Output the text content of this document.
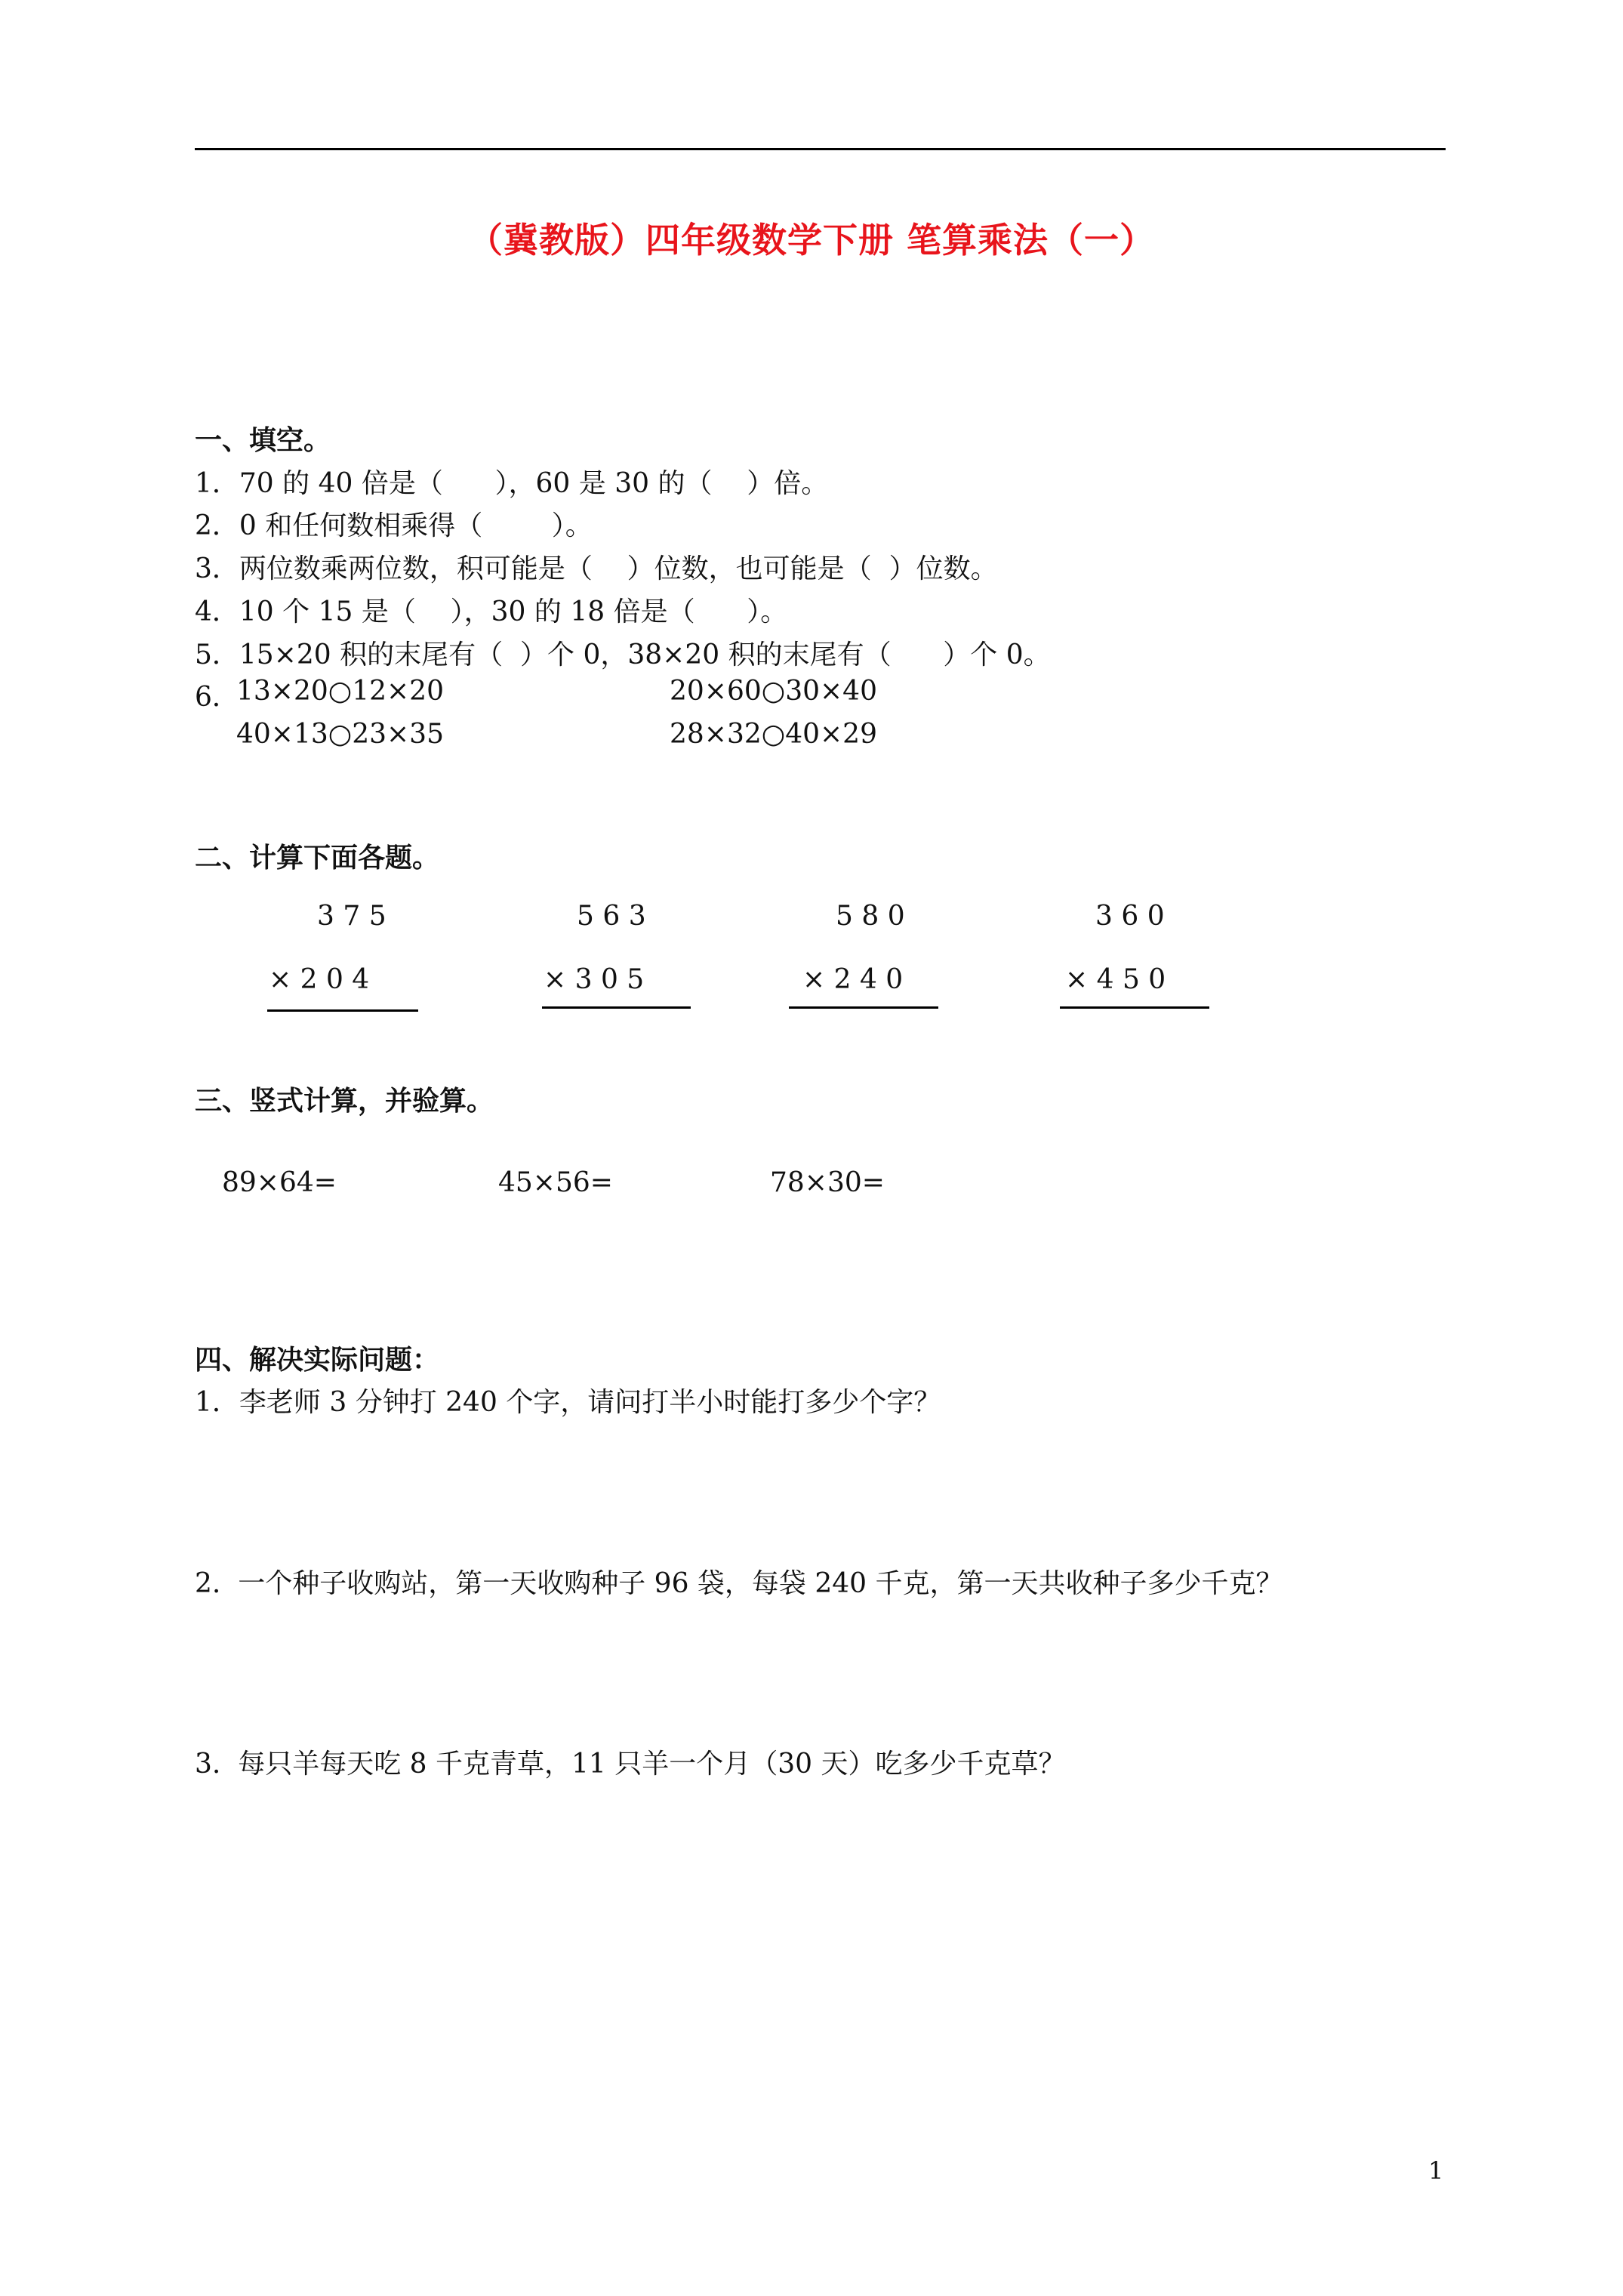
（冀教版）四年级数学下册 笔算乘法（一）
一、填空。
1．70 的 40 倍是（      ），60 是 30 的（    ）倍。
2．0 和任何数相乘得（        ）。
3．两位数乘两位数，积可能是（    ）位数，也可能是（  ）位数。
4．10 个 15 是（    ），30 的 18 倍是（      ）。
5．15×20 积的末尾有（  ）个 0，38×20 积的末尾有（      ）个 0。
6．
13×20○12×20	20×60○30×40
40×13○23×35	28×32○40×29
二、计算下面各题。
3 7 5
× 2 0 4
5 6 3
× 3 0 5
5 8 0
× 2 4 0
3 6 0
× 4 5 0
三、竖式计算，并验算。
89×64=	45×56=	78×30=
四、解决实际问题：
1．李老师 3 分钟打 240 个字，请问打半小时能打多少个字？
2.  一个种子收购站，第一天收购种子 96 袋，每袋 240 千克，第一天共收种子多少千克？
3.  每只羊每天吃 8 千克青草，11 只羊一个月（30 天）吃多少千克草？
1
